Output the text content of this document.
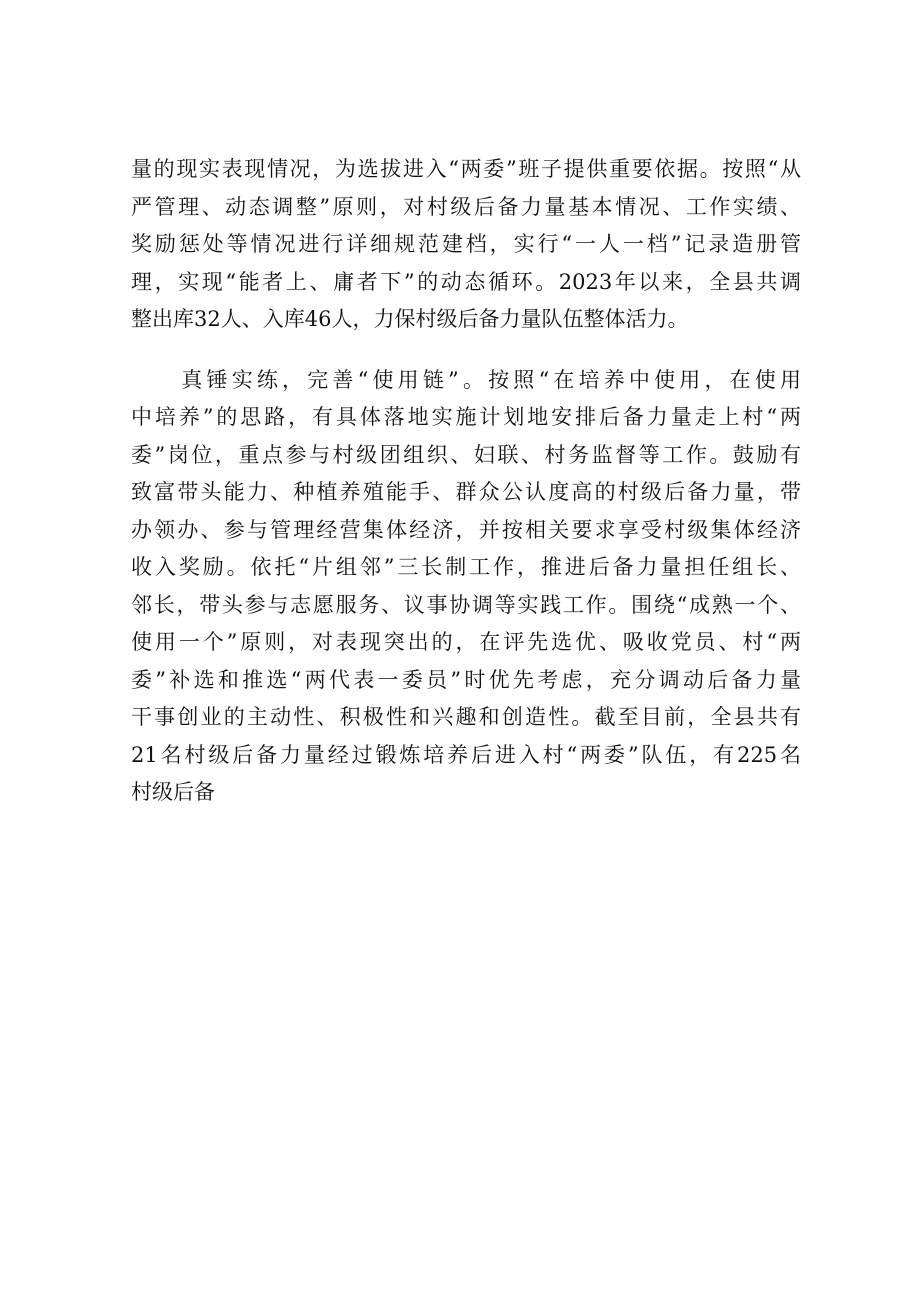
量的现实表现情况，为选拔进入“两委”班子提供重要依据。按照“从
严管理、动态调整”原则，对村级后备力量基本情况、工作实绩、
奖励惩处等情况进行详细规范建档，实行“一人一档”记录造册管
理，实现“能者上、庸者下”的动态循环。2023年以来，全县共调
整出库32人、入库46人，力保村级后备力量队伍整体活力。
　　真锤实练，完善“使用链”。按照“在培养中使用，在使用
中培养”的思路，有具体落地实施计划地安排后备力量走上村“两
委”岗位，重点参与村级团组织、妇联、村务监督等工作。鼓励有
致富带头能力、种植养殖能手、群众公认度高的村级后备力量，带
办领办、参与管理经营集体经济，并按相关要求享受村级集体经济
收入奖励。依托“片组邻”三长制工作，推进后备力量担任组长、
邻长，带头参与志愿服务、议事协调等实践工作。围绕“成熟一个、
使用一个”原则，对表现突出的，在评先选优、吸收党员、村“两
委”补选和推选“两代表一委员”时优先考虑，充分调动后备力量
干事创业的主动性、积极性和兴趣和创造性。截至目前，全县共有
21名村级后备力量经过锻炼培养后进入村“两委”队伍，有225名
村级后备
